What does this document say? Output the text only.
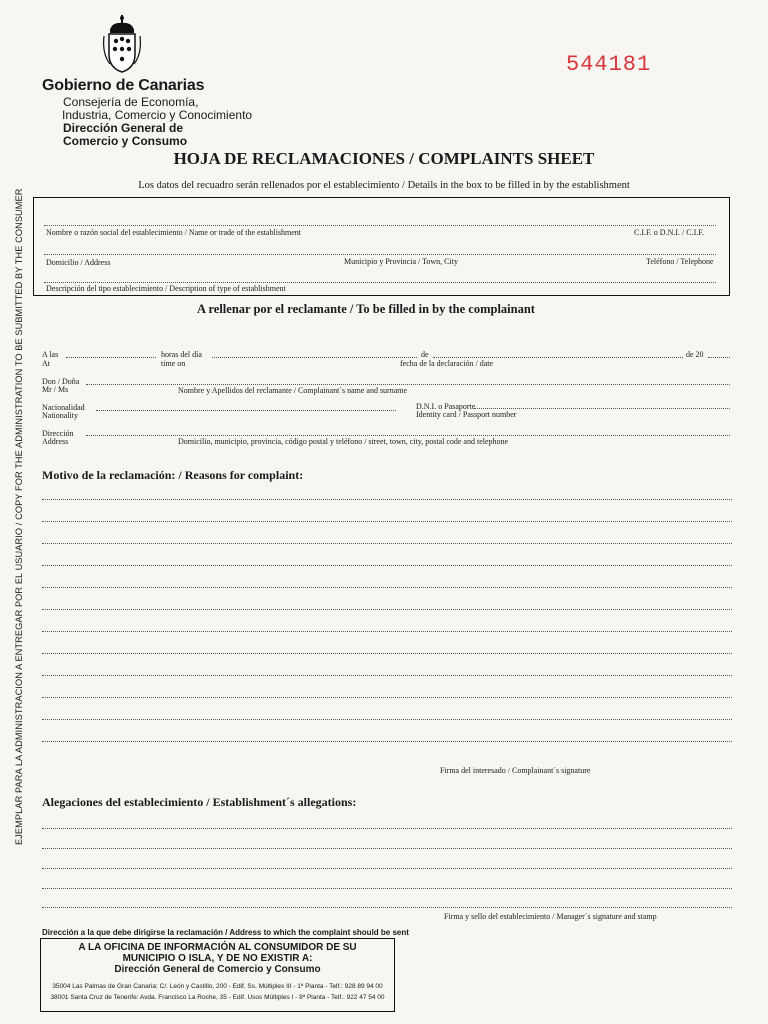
EJEMPLAR PARA LA ADMINISTRACION A ENTREGAR POR EL USUARIO / COPY FOR THE ADMINISTRATION TO BE SUBMITTED BY THE CONSUMER
Gobierno de Canarias
Consejería de Economía,
Industria, Comercio y Conocimiento
Dirección General de
Comercio y Consumo
544181
HOJA DE RECLAMACIONES / COMPLAINTS SHEET
Los datos del recuadro serán rellenados por el establecimiento / Details in the box to be filled in by the establishment
Nombre o razón social del establecimiento / Name or trade of the establishment	C.I.F. o D.N.I. / C.I.F.
Domicilio / Address	Municipio y Provincia / Town, City	Teléfono / Telephone
Descripción del tipo establecimiento / Description of type of establishment
A rellenar por el reclamante / To be filled in by the complainant
A las
At
horas del día
time on
de	de 20
fecha de la declaración / date
Don / Doña
Mr / Ms	Nombre y Apellidos del reclamante / Complainant´s name and surname
Nacionalidad
Nationality
D.N.I. o Pasaporte
Identity card / Passport number
Dirección
Address	Domicilio, municipio, provincia, código postal y teléfono / street, town, city, postal code and telephone
Motivo de la reclamación: / Reasons for complaint:
Firma del interesado / Complainant´s signature
Alegaciones del establecimiento / Establishment´s allegations:
Firma y sello del establecimiento / Manager´s signature and stamp
Dirección a la que debe dirigirse la reclamación / Address to which the complaint should be sent
A LA OFICINA DE INFORMACIÓN AL CONSUMIDOR DE SU
MUNICIPIO O ISLA, Y DE NO EXISTIR A:
Dirección General de Comercio y Consumo
35004 Las Palmas de Gran Canaria: C/. León y Castillo, 200 - Edif. Ss. Múltiples III - 1ª Planta - Telf.: 928 89 94 00
38001 Santa Cruz de Tenerife: Avda. Francisco La Roche, 35 - Edif. Usos Múltiples I - 8ª Planta - Telf.: 922 47 54 00
